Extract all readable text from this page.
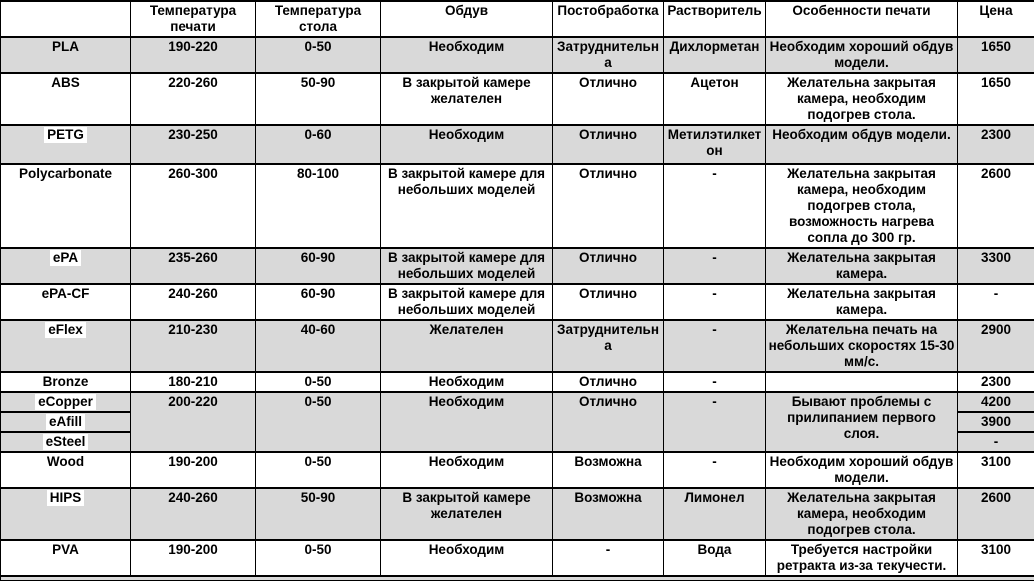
	Температура печати	Температура стола	Обдув	Постобработка	Растворитель	Особенности печати	Цена
PLA	190-220	0-50	Необходим	Затруднительна	Дихлорметан	Необходим хороший обдув модели.	1650
ABS	220-260	50-90	В закрытой камере желателен	Отлично	Ацетон	Желательна закрытая камера, необходим подогрев стола.	1650
PETG	230-250	0-60	Необходим	Отлично	Метилэтилкетон	Необходим обдув модели.	2300
Polycarbonate	260-300	80-100	В закрытой камере для небольших моделей	Отлично	-	Желательна закрытая камера, необходим подогрев стола, возможность нагрева сопла до 300 гр.	2600
ePA	235-260	60-90	В закрытой камере для небольших моделей	Отлично	-	Желательна закрытая камера.	3300
ePA-CF	240-260	60-90	В закрытой камере для небольших моделей	Отлично	-	Желательна закрытая камера.	-
eFlex	210-230	40-60	Желателен	Затруднительна	-	Желательна печать на небольших скоростях 15-30 мм/с.	2900
Bronze	180-210	0-50	Необходим	Отлично	-		2300
eCopper	200-220	0-50	Необходим	Отлично	-	Бывают проблемы с прилипанием первого слоя.	4200
eAfill							3900
eSteel							-
Wood	190-200	0-50	Необходим	Возможна	-	Необходим хороший обдув модели.	3100
HIPS	240-260	50-90	В закрытой камере желателен	Возможна	Лимонел	Желательна закрытая камера, необходим подогрев стола.	2600
PVA	190-200	0-50	Необходим	-	Вода	Требуется настройки ретракта из-за текучести.	3100
